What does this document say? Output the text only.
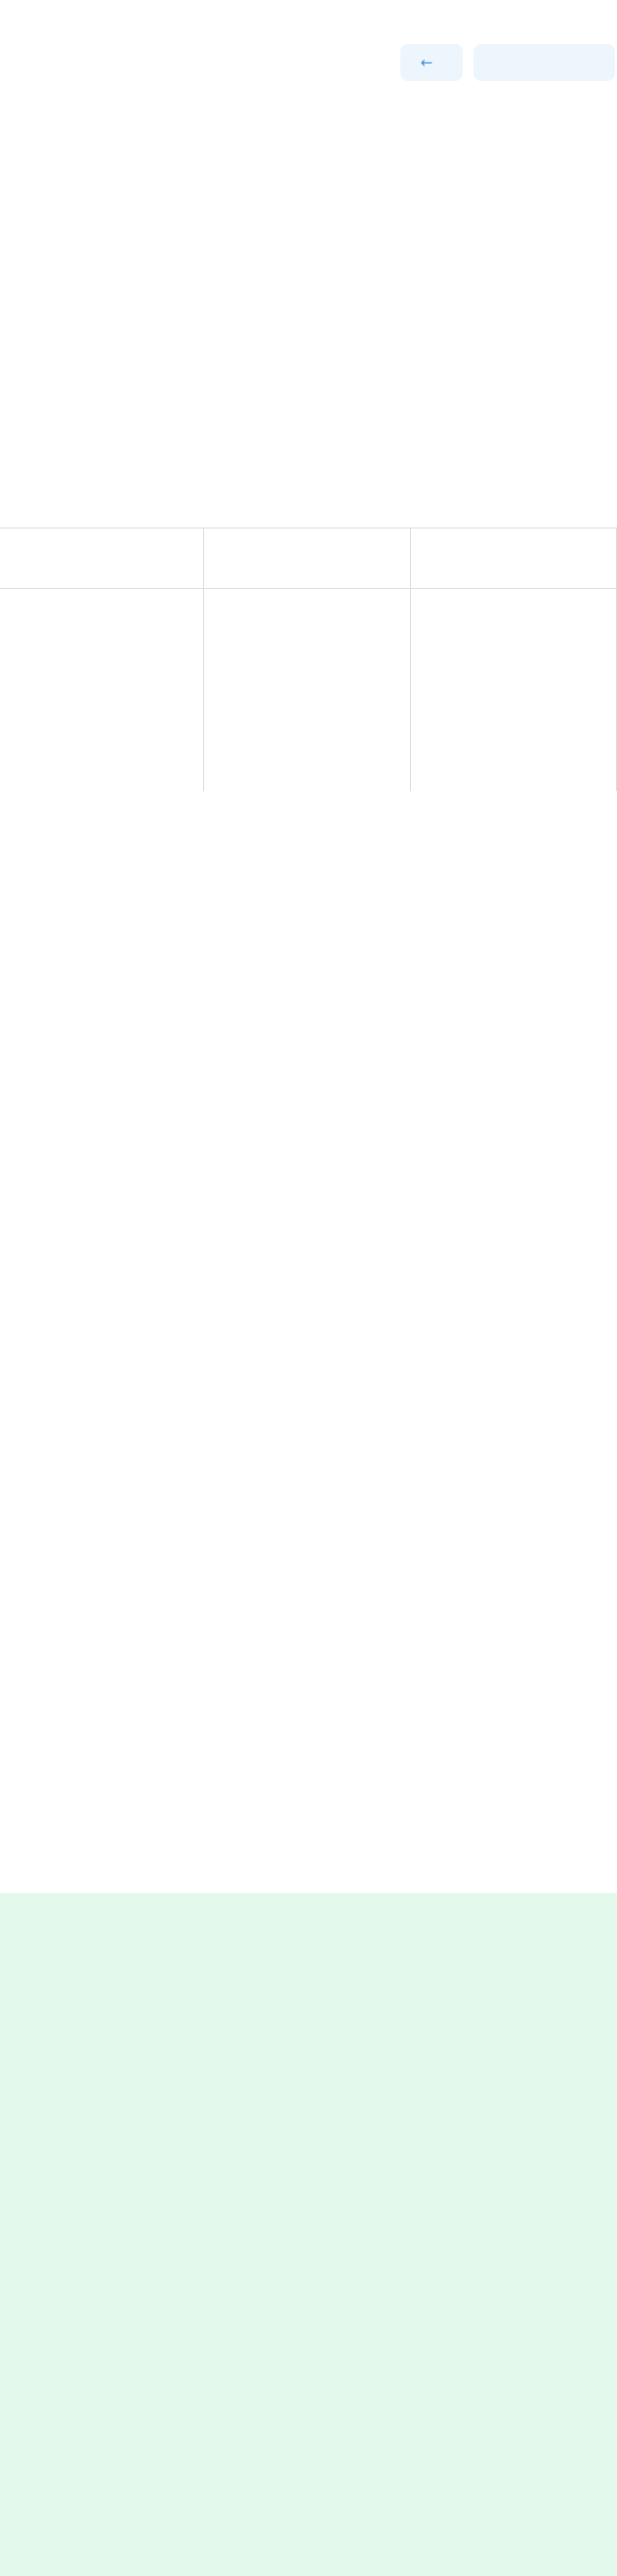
←
